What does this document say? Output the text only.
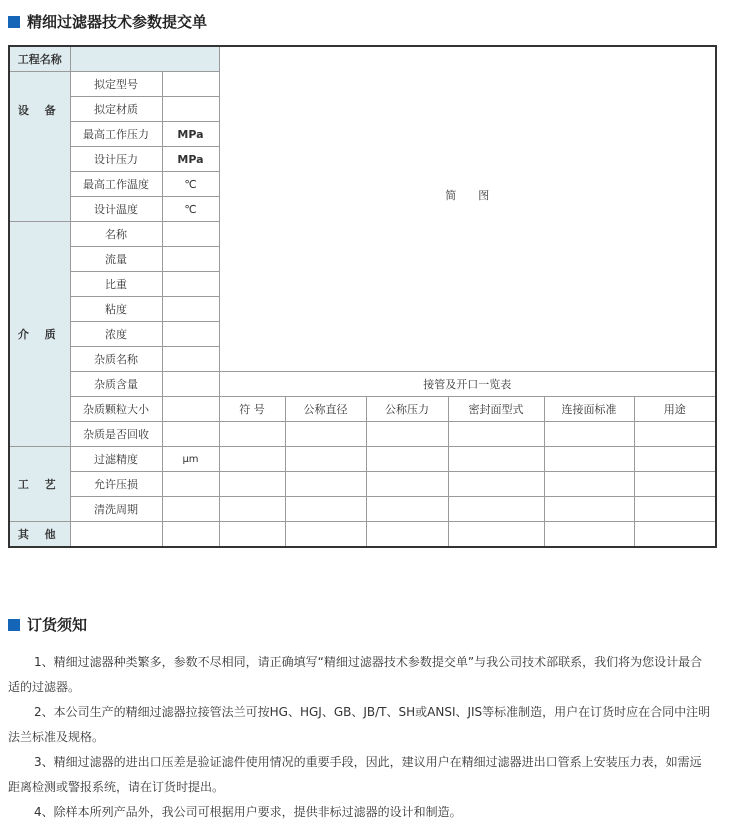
精细过滤器技术参数提交单
工程名称			简　　图					
设 备	拟定型号							
	拟定材质							
	最高工作压力	MPa						
	设计压力	MPa						
	最高工作温度	℃						
	设计温度	℃						
介 质	名称							
	流量							
	比重							
	粘度							
	浓度							
	杂质名称							
	杂质含量		接管及开口一览表					
	杂质颗粒大小		符 号	公称直径	公称压力	密封面型式	连接面标准	用途
	杂质是否回收							
工 艺	过滤精度	µm						
	允许压损							
	清洗周期							
其 他								
订货须知

1、精细过滤器种类繁多，参数不尽相同，请正确填写“精细过滤器技术参数提交单”与我公司技术部联系，我们将为您设计最合适的过滤器。

2、本公司生产的精细过滤器拉接管法兰可按HG、HGJ、GB、JB/T、SH或ANSI、JIS等标准制造，用户在订货时应在合同中注明法兰标准及规格。

3、精细过滤器的进出口压差是验证滤件使用情况的重要手段，因此，建议用户在精细过滤器进出口管系上安装压力表，如需远距离检测或警报系统，请在订货时提出。

4、除样本所列产品外，我公司可根据用户要求，提供非标过滤器的设计和制造。
